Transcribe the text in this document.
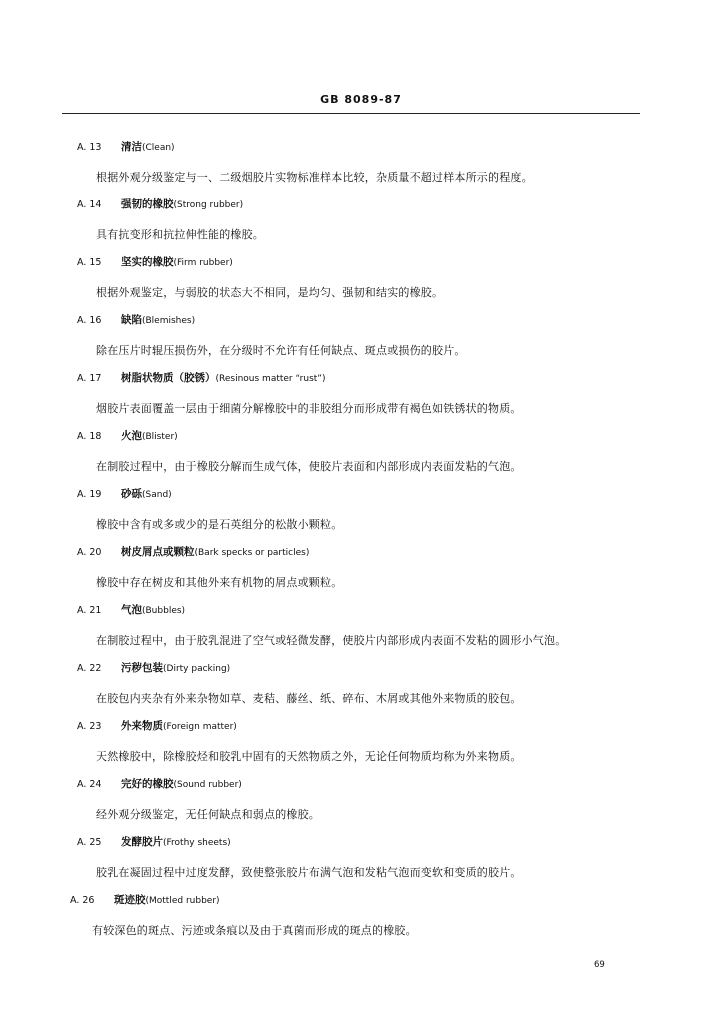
GB 8089-87
A. 13 清洁(Clean)
根据外观分级鉴定与一、二级烟胶片实物标准样本比较，杂质量不超过样本所示的程度。
A. 14 强韧的橡胶(Strong rubber)
具有抗变形和抗拉伸性能的橡胶。
A. 15 坚实的橡胶(Firm rubber)
根据外观鉴定，与弱胶的状态大不相同，是均匀、强韧和结实的橡胶。
A. 16 缺陷(Blemishes)
除在压片时辊压损伤外，在分级时不允许有任何缺点、斑点或损伤的胶片。
A. 17 树脂状物质（胶锈）(Resinous matter “rust”)
烟胶片表面覆盖一层由于细菌分解橡胶中的非胶组分而形成带有褐色如铁锈状的物质。
A. 18 火泡(Blister)
在制胶过程中，由于橡胶分解而生成气体，使胶片表面和内部形成内表面发粘的气泡。
A. 19 砂砾(Sand)
橡胶中含有或多或少的是石英组分的松散小颗粒。
A. 20 树皮屑点或颗粒(Bark specks or particles)
橡胶中存在树皮和其他外来有机物的屑点或颗粒。
A. 21 气泡(Bubbles)
在制胶过程中，由于胶乳混进了空气或轻微发酵，使胶片内部形成内表面不发粘的圆形小气泡。
A. 22 污秽包装(Dirty packing)
在胶包内夹杂有外来杂物如草、麦秸、藤丝、纸、碎布、木屑或其他外来物质的胶包。
A. 23 外来物质(Foreign matter)
天然橡胶中，除橡胶烃和胶乳中固有的天然物质之外，无论任何物质均称为外来物质。
A. 24 完好的橡胶(Sound rubber)
经外观分级鉴定，无任何缺点和弱点的橡胶。
A. 25 发酵胶片(Frothy sheets)
胶乳在凝固过程中过度发酵，致使整张胶片布满气泡和发粘气泡而变软和变质的胶片。
A. 26 斑迹胶(Mottled rubber)
有较深色的斑点、污迹或条痕以及由于真菌而形成的斑点的橡胶。
69
